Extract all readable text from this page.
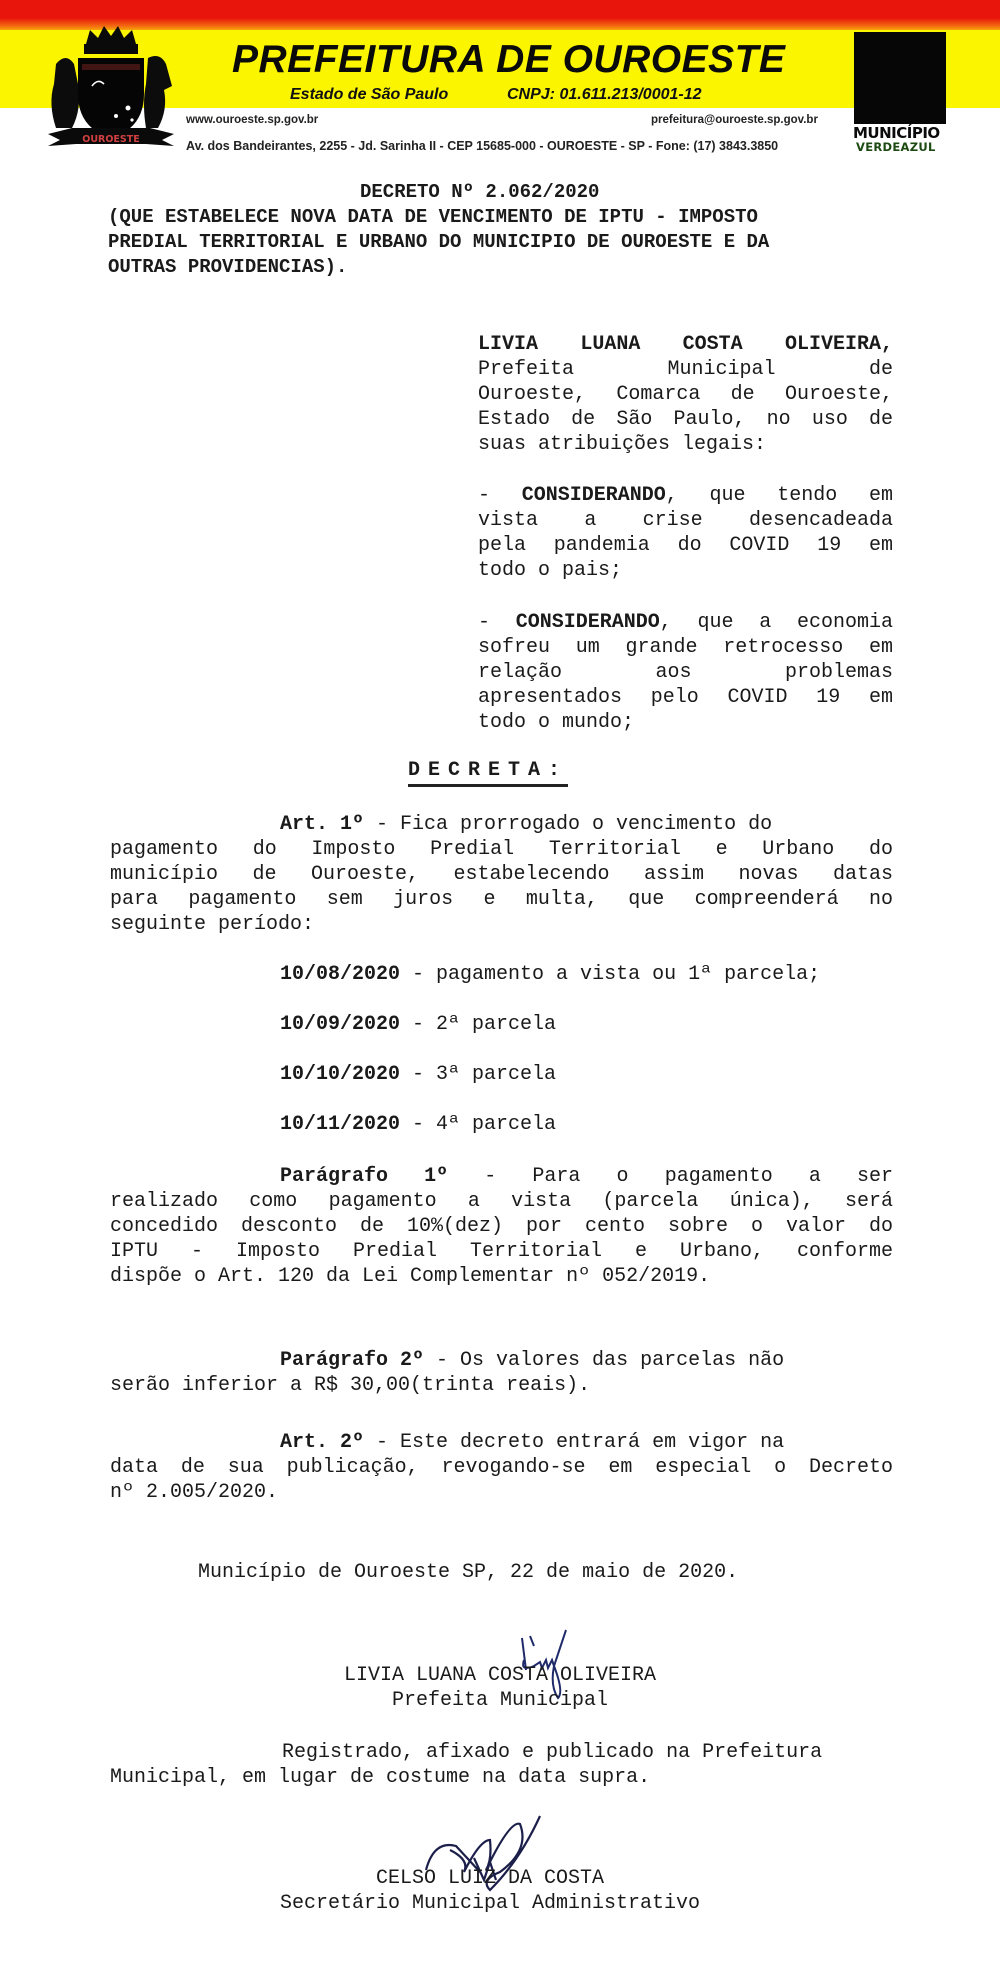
OUROESTE
PREFEITURA DE OUROESTE
Estado de São Paulo	CNPJ: 01.611.213/0001-12
www.ouroeste.sp.gov.br	prefeitura@ouroeste.sp.gov.br
Av. dos Bandeirantes, 2255 - Jd. Sarinha II - CEP 15685-000 - OUROESTE - SP - Fone: (17) 3843.3850
MUNICÍPIO
VERDEAZUL
DECRETO Nº 2.062/2020
(QUE ESTABELECE NOVA DATA DE VENCIMENTO DE IPTU - IMPOSTO
PREDIAL TERRITORIAL E URBANO DO MUNICIPIO DE OUROESTE E DA
OUTRAS PROVIDENCIAS).
LIVIA LUANA COSTA OLIVEIRA,
Prefeita Municipal de
Ouroeste, Comarca de Ouroeste,
Estado de São Paulo, no uso de
suas atribuições legais:
- CONSIDERANDO, que tendo em
vista a crise desencadeada
pela pandemia do COVID 19 em
todo o pais;
- CONSIDERANDO, que a economia
sofreu um grande retrocesso em
relação aos problemas
apresentados pelo COVID 19 em
todo o mundo;
DECRETA:
Art. 1º - Fica prorrogado o vencimento do
pagamento do Imposto Predial Territorial e Urbano do
município de Ouroeste, estabelecendo assim novas datas
para pagamento sem juros e multa, que compreenderá no
seguinte período:
10/08/2020 - pagamento a vista ou 1ª parcela;
10/09/2020 - 2ª parcela
10/10/2020 - 3ª parcela
10/11/2020 - 4ª parcela
Parágrafo 1º - Para o pagamento a ser
realizado como pagamento a vista (parcela única), será
concedido desconto de 10%(dez) por cento sobre o valor do
IPTU - Imposto Predial Territorial e Urbano, conforme
dispõe o Art. 120 da Lei Complementar nº 052/2019.
Parágrafo 2º - Os valores das parcelas não
serão inferior a R$ 30,00(trinta reais).
Art. 2º - Este decreto entrará em vigor na
data de sua publicação, revogando-se em especial o Decreto
nº 2.005/2020.
Município de Ouroeste SP, 22 de maio de 2020.
LIVIA LUANA COSTA OLIVEIRA
Prefeita Municipal
Registrado, afixado e publicado na Prefeitura
Municipal, em lugar de costume na data supra.
CELSO LUIZ DA COSTA
Secretário Municipal Administrativo
